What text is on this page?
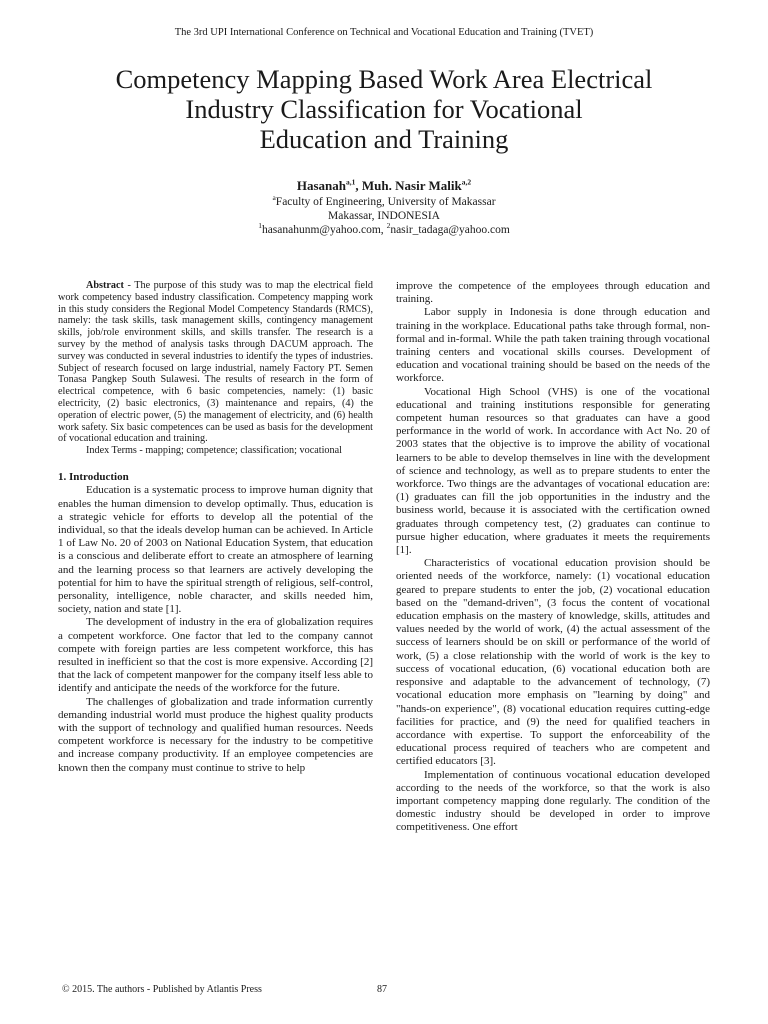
The 3rd UPI International Conference on Technical and Vocational Education and Training (TVET)
Competency Mapping Based Work Area Electrical
Industry Classification for Vocational
Education and Training
Hasanah$^{a,1}$, Muh. Nasir Malik$^{a,2}$
$^a$Faculty of Engineering, University of Makassar
Makassar, INDONESIA
$^1$hasanahunm@yahoo.com, $^2$nasir_tadaga@yahoo.com

Abstract - The purpose of this study was to map the electrical field work competency based industry classification. Competency mapping work in this study considers the Regional Model Competency Standards (RMCS), namely: the task skills, task management skills, contingency management skills, job/role environment skills, and skills transfer. The research is a survey by the method of analysis tasks through DACUM approach. The survey was conducted in several industries to identify the types of industries. Subject of research focused on large industrial, namely Factory PT. Semen Tonasa Pangkep South Sulawesi. The results of research in the form of electrical competence, with 6 basic competencies, namely: (1) basic electricity, (2) basic electronics, (3) maintenance and repairs, (4) the operation of electric power, (5) the management of electricity, and (6) health work safety. Six basic competences can be used as basis for the development of vocational education and training.

Index Terms - mapping; competence; classification; vocational

1. Introduction

Education is a systematic process to improve human dignity that enables the human dimension to develop optimally. Thus, education is a strategic vehicle for efforts to develop all the potential of the individual, so that the ideals develop human can be achieved. In Article 1 of Law No. 20 of 2003 on National Education System, that education is a conscious and deliberate effort to create an atmosphere of learning and the learning process so that learners are actively developing the potential for him to have the spiritual strength of religious, self-control, personality, intelligence, noble character, and skills needed him, society, nation and state [1].

The development of industry in the era of globalization requires a competent workforce. One factor that led to the company cannot compete with foreign parties are less competent workforce, this has resulted in inefficient so that the cost is more expensive. According [2] that the lack of competent manpower for the company itself less able to identify and anticipate the needs of the workforce for the future.

The challenges of globalization and trade information currently demanding industrial world must produce the highest quality products with the support of technology and qualified human resources. Needs competent workforce is necessary for the industry to be competitive and increase company productivity. If an employee competencies are known then the company must continue to strive to help

improve the competence of the employees through education and training.

Labor supply in Indonesia is done through education and training in the workplace. Educational paths take through formal, non-formal and in-formal. While the path taken training through vocational training centers and vocational skills courses. Development of education and vocational training should be based on the needs of the workforce.

Vocational High School (VHS) is one of the vocational educational and training institutions responsible for generating competent human resources so that graduates can have a good performance in the world of work. In accordance with Act No. 20 of 2003 states that the objective is to improve the ability of vocational learners to be able to develop themselves in line with the development of science and technology, as well as to prepare students to enter the workforce. Two things are the advantages of vocational education are: (1) graduates can fill the job opportunities in the industry and the business world, because it is associated with the certification owned graduates through competency test, (2) graduates can continue to pursue higher education, where graduates it meets the requirements [1].

Characteristics of vocational education provision should be oriented needs of the workforce, namely: (1) vocational education geared to prepare students to enter the job, (2) vocational education based on the "demand-driven", (3 focus the content of vocational education emphasis on the mastery of knowledge, skills, attitudes and values needed by the world of work, (4) the actual assessment of the success of learners should be on skill or performance of the world of work, (5) a close relationship with the world of work is the key to success of vocational education, (6) vocational education both are responsive and adaptable to the advancement of technology, (7) vocational education more emphasis on "learning by doing" and "hands-on experience", (8) vocational education requires cutting-edge facilities for practice, and (9) the need for qualified teachers in accordance with expertise. To support the enforceability of the educational process required of teachers who are competent and certified educators [3].

Implementation of continuous vocational education developed according to the needs of the workforce, so that the work is also important competency mapping done regularly. The condition of the domestic industry should be developed in order to improve competitiveness. One effort

© 2015. The authors - Published by Atlantis Press	87
